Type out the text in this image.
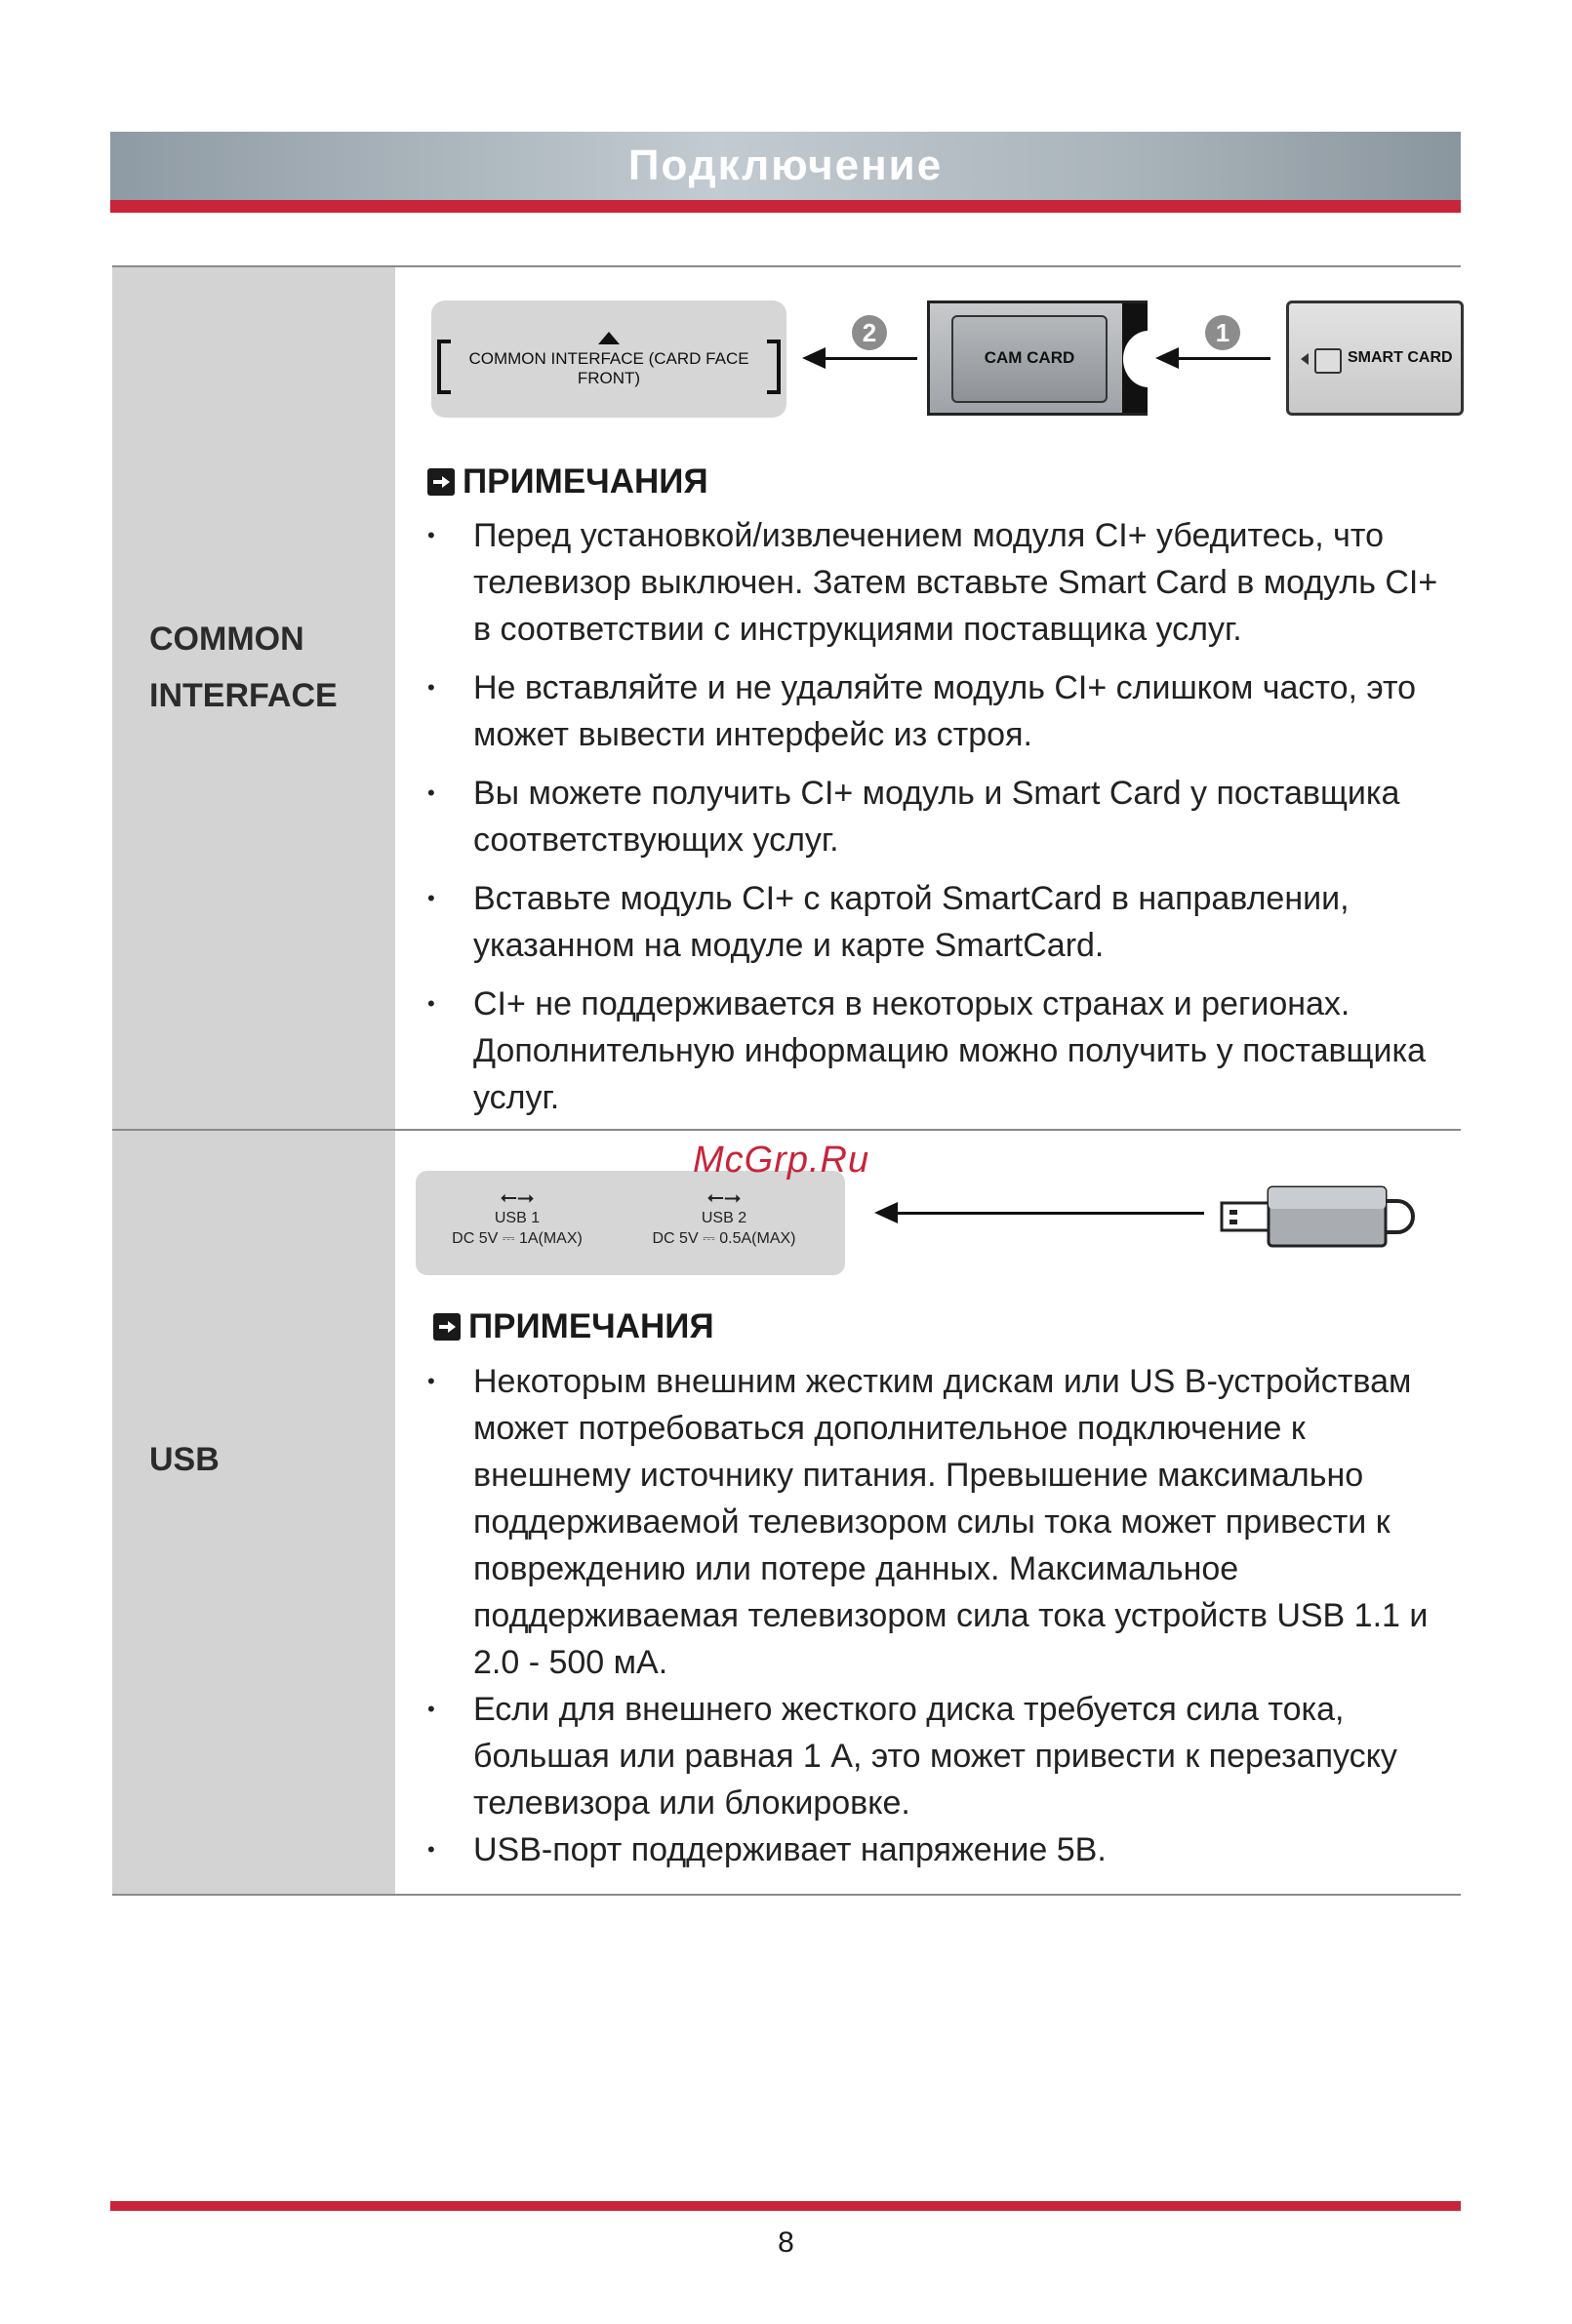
Подключение
COMMON
INTERFACE
COMMON INTERFACE (CARD FACE FRONT)
2
CAM CARD
1
SMART CARD
ПРИМЕЧАНИЯ
• Перед установкой/извлечением модуля CI+ убедитесь, что телевизор выключен. Затем вставьте Smart Card в модуль CI+ в соответствии с инструкциями поставщика услуг.
• Не вставляйте и не удаляйте модуль CI+ слишком часто, это может вывести интерфейс из строя.
• Вы можете получить CI+ модуль и Smart Card у поставщика соответствующих услуг.
• Вставьте модуль CI+ с картой SmartCard в направлении, указанном на модуле и карте SmartCard.
• CI+ не поддерживается в некоторых странах и регионах. Дополнительную информацию можно получить у поставщика услуг.
USB
⭠⭢
USB 1
DC 5V ⎓ 1A(MAX)
⭠⭢
USB 2
DC 5V ⎓ 0.5A(MAX)
McGrp.Ru
ПРИМЕЧАНИЯ
• Некоторым внешним жестким дискам или US В-устройствам может потребоваться дополнительное подключение к внешнему источнику питания. Превышение максимально поддерживаемой телевизором силы тока может привести к повреждению или потере данных. Максимальное поддерживаемая телевизором сила тока устройств USB 1.1 и 2.0 - 500 мА.
• Если для внешнего жесткого диска требуется сила тока, большая или равная 1 А, это может привести к перезапуску телевизора или блокировке.
• USB-порт поддерживает напряжение 5В.
8
